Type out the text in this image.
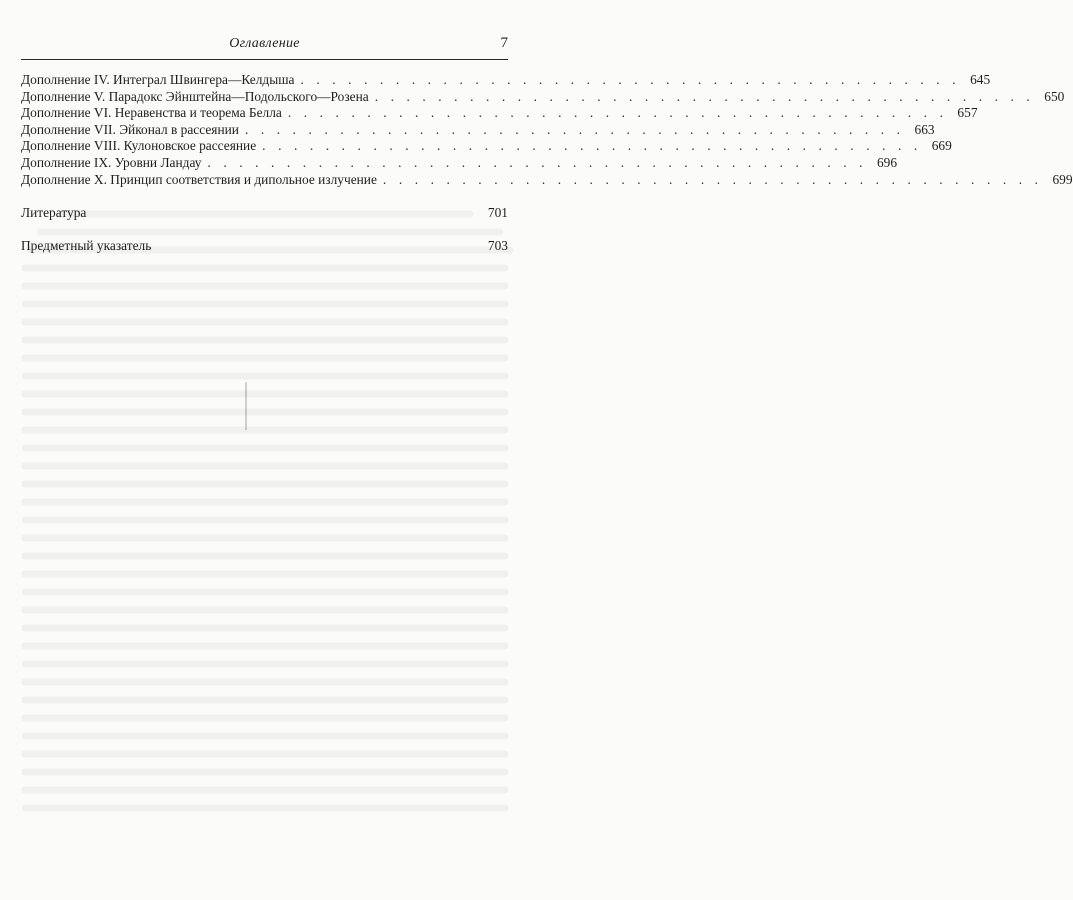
Оглавление	7
Дополнение IV. Интеграл Швингера—Келдыша . . . . . . . . . . . . . . . . . . . . . . . . . . . . . . . . . . . . . . . . . . 645
Дополнение V. Парадокс Эйнштейна—Подольского—Розена . . . . . . . . . . . . . . . . . . . . . . . . . . . . . . . . . . . . . . . . . . 650
Дополнение VI. Неравенства и теорема Белла . . . . . . . . . . . . . . . . . . . . . . . . . . . . . . . . . . . . . . . . . . 657
Дополнение VII. Эйконал в рассеянии . . . . . . . . . . . . . . . . . . . . . . . . . . . . . . . . . . . . . . . . . . 663
Дополнение VIII. Кулоновское рассеяние . . . . . . . . . . . . . . . . . . . . . . . . . . . . . . . . . . . . . . . . . . 669
Дополнение IX. Уровни Ландау . . . . . . . . . . . . . . . . . . . . . . . . . . . . . . . . . . . . . . . . . . 696
Дополнение X. Принцип соответствия и дипольное излучение . . . . . . . . . . . . . . . . . . . . . . . . . . . . . . . . . . . . . . . . . . 699
Литература	701
Предметный указатель	703
